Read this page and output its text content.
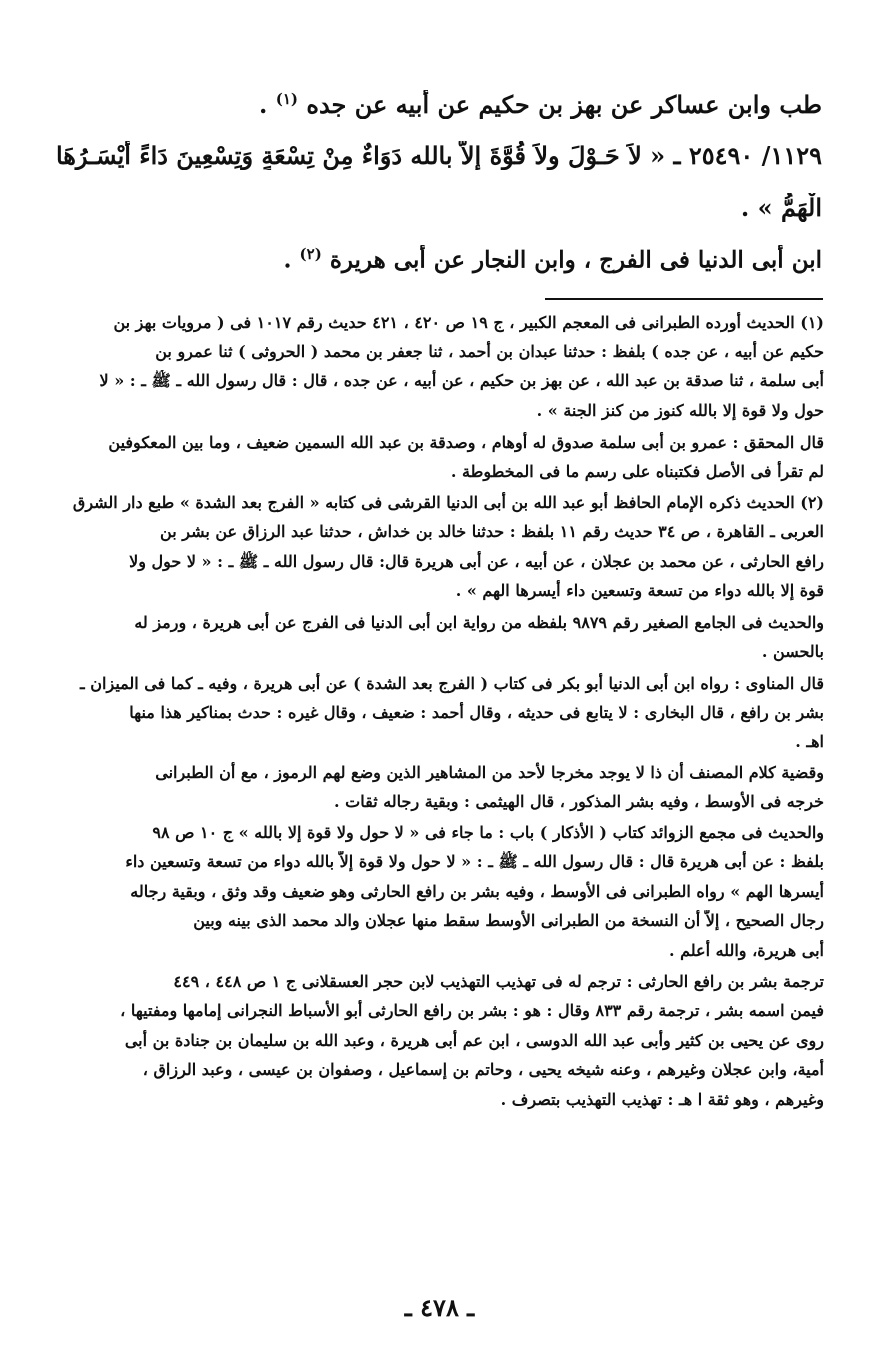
طب وابن عساكر عن بهز بن حكيم عن أبيه عن جده $^{(١)}$ .
١١٢٩/ ٢٥٤٩٠ ـ « لاَ حَـوْلَ ولاَ قُوَّةَ إِلاَّ بالله دَوَاءٌ مِنْ تِسْعَةٍ وَتِسْعِينَ دَاءً أَيْسَـرُهَا
الْهَمُّ » .
ابن أبى الدنيا فى الفرج ، وابن النجار عن أبى هريرة $^{(٢)}$ .
(١) الحديث أورده الطبرانى فى المعجم الكبير ، ج ١٩ ص ٤٢٠ ، ٤٢١ حديث رقم ١٠١٧ فى ( مرويات بهز بن
حكيم عن أبيه ، عن جده ) بلفظ : حدثنا عبدان بن أحمد ، ثنا جعفر بن محمد ( الحروثى ) ثنا عمرو بن
أبى سلمة ، ثنا صدقة بن عبد الله ، عن بهز بن حكيم ، عن أبيه ، عن جده ، قال : قال رسول الله ـ ﷺ ـ : « لا
حول ولا قوة إلا بالله كنوز من كنز الجنة » .
قال المحقق : عمرو بن أبى سلمة صدوق له أوهام ، وصدقة بن عبد الله السمين ضعيف ، وما بين المعكوفين
لم تقرأ فى الأصل فكتبناه على رسم ما فى المخطوطة .
(٢) الحديث ذكره الإمام الحافظ أبو عبد الله بن أبى الدنيا القرشى فى كتابه « الفرج بعد الشدة » طبع دار الشرق
العربى ـ القاهرة ، ص ٣٤ حديث رقم ١١ بلفظ : حدثنا خالد بن خداش ، حدثنا عبد الرزاق عن بشر بن
رافع الحارثى ، عن محمد بن عجلان ، عن أبيه ، عن أبى هريرة قال: قال رسول الله ـ ﷺ ـ : « لا حول ولا
قوة إلا بالله دواء من تسعة وتسعين داء أيسرها الهم » .
والحديث فى الجامع الصغير رقم ٩٨٧٩ بلفظه من رواية ابن أبى الدنيا فى الفرج عن أبى هريرة ، ورمز له
بالحسن .
قال المناوى : رواه ابن أبى الدنيا أبو بكر فى كتاب ( الفرج بعد الشدة ) عن أبى هريرة ، وفيه ـ كما فى الميزان ـ
بشر بن رافع ، قال البخارى : لا يتابع فى حديثه ، وقال أحمد : ضعيف ، وقال غيره : حدث بمناكير هذا منها
اهـ .
وقضية كلام المصنف أن ذا لا يوجد مخرجا لأحد من المشاهير الذين وضع لهم الرموز ، مع أن الطبرانى
خرجه فى الأوسط ، وفيه بشر المذكور ، قال الهيثمى : وبقية رجاله ثقات .
والحديث فى مجمع الزوائد كتاب ( الأذكار ) باب : ما جاء فى « لا حول ولا قوة إلا بالله » ج ١٠ ص ٩٨
بلفظ : عن أبى هريرة قال : قال رسول الله ـ ﷺ ـ : « لا حول ولا قوة إلاَّ بالله دواء من تسعة وتسعين داء
أيسرها الهم » رواه الطبرانى فى الأوسط ، وفيه بشر بن رافع الحارثى وهو ضعيف وقد وثق ، وبقية رجاله
رجال الصحيح ، إلاَّ أن النسخة من الطبرانى الأوسط سقط منها عجلان والد محمد الذى بينه وبين
أبى هريرة، والله أعلم .
ترجمة بشر بن رافع الحارثى : ترجم له فى تهذيب التهذيب لابن حجر العسقلانى ج ١ ص ٤٤٨ ، ٤٤٩
فيمن اسمه بشر ، ترجمة رقم ٨٣٣ وقال : هو : بشر بن رافع الحارثى أبو الأسباط النجرانى إمامها ومفتيها ،
روى عن يحيى بن كثير وأبى عبد الله الدوسى ، ابن عم أبى هريرة ، وعبد الله بن سليمان بن جنادة بن أبى
أمية، وابن عجلان وغيرهم ، وعنه شيخه يحيى ، وحاتم بن إسماعيل ، وصفوان بن عيسى ، وعبد الرزاق ،
وغيرهم ، وهو ثقة ا هـ : تهذيب التهذيب بتصرف .
ـ ٤٧٨ ـ
